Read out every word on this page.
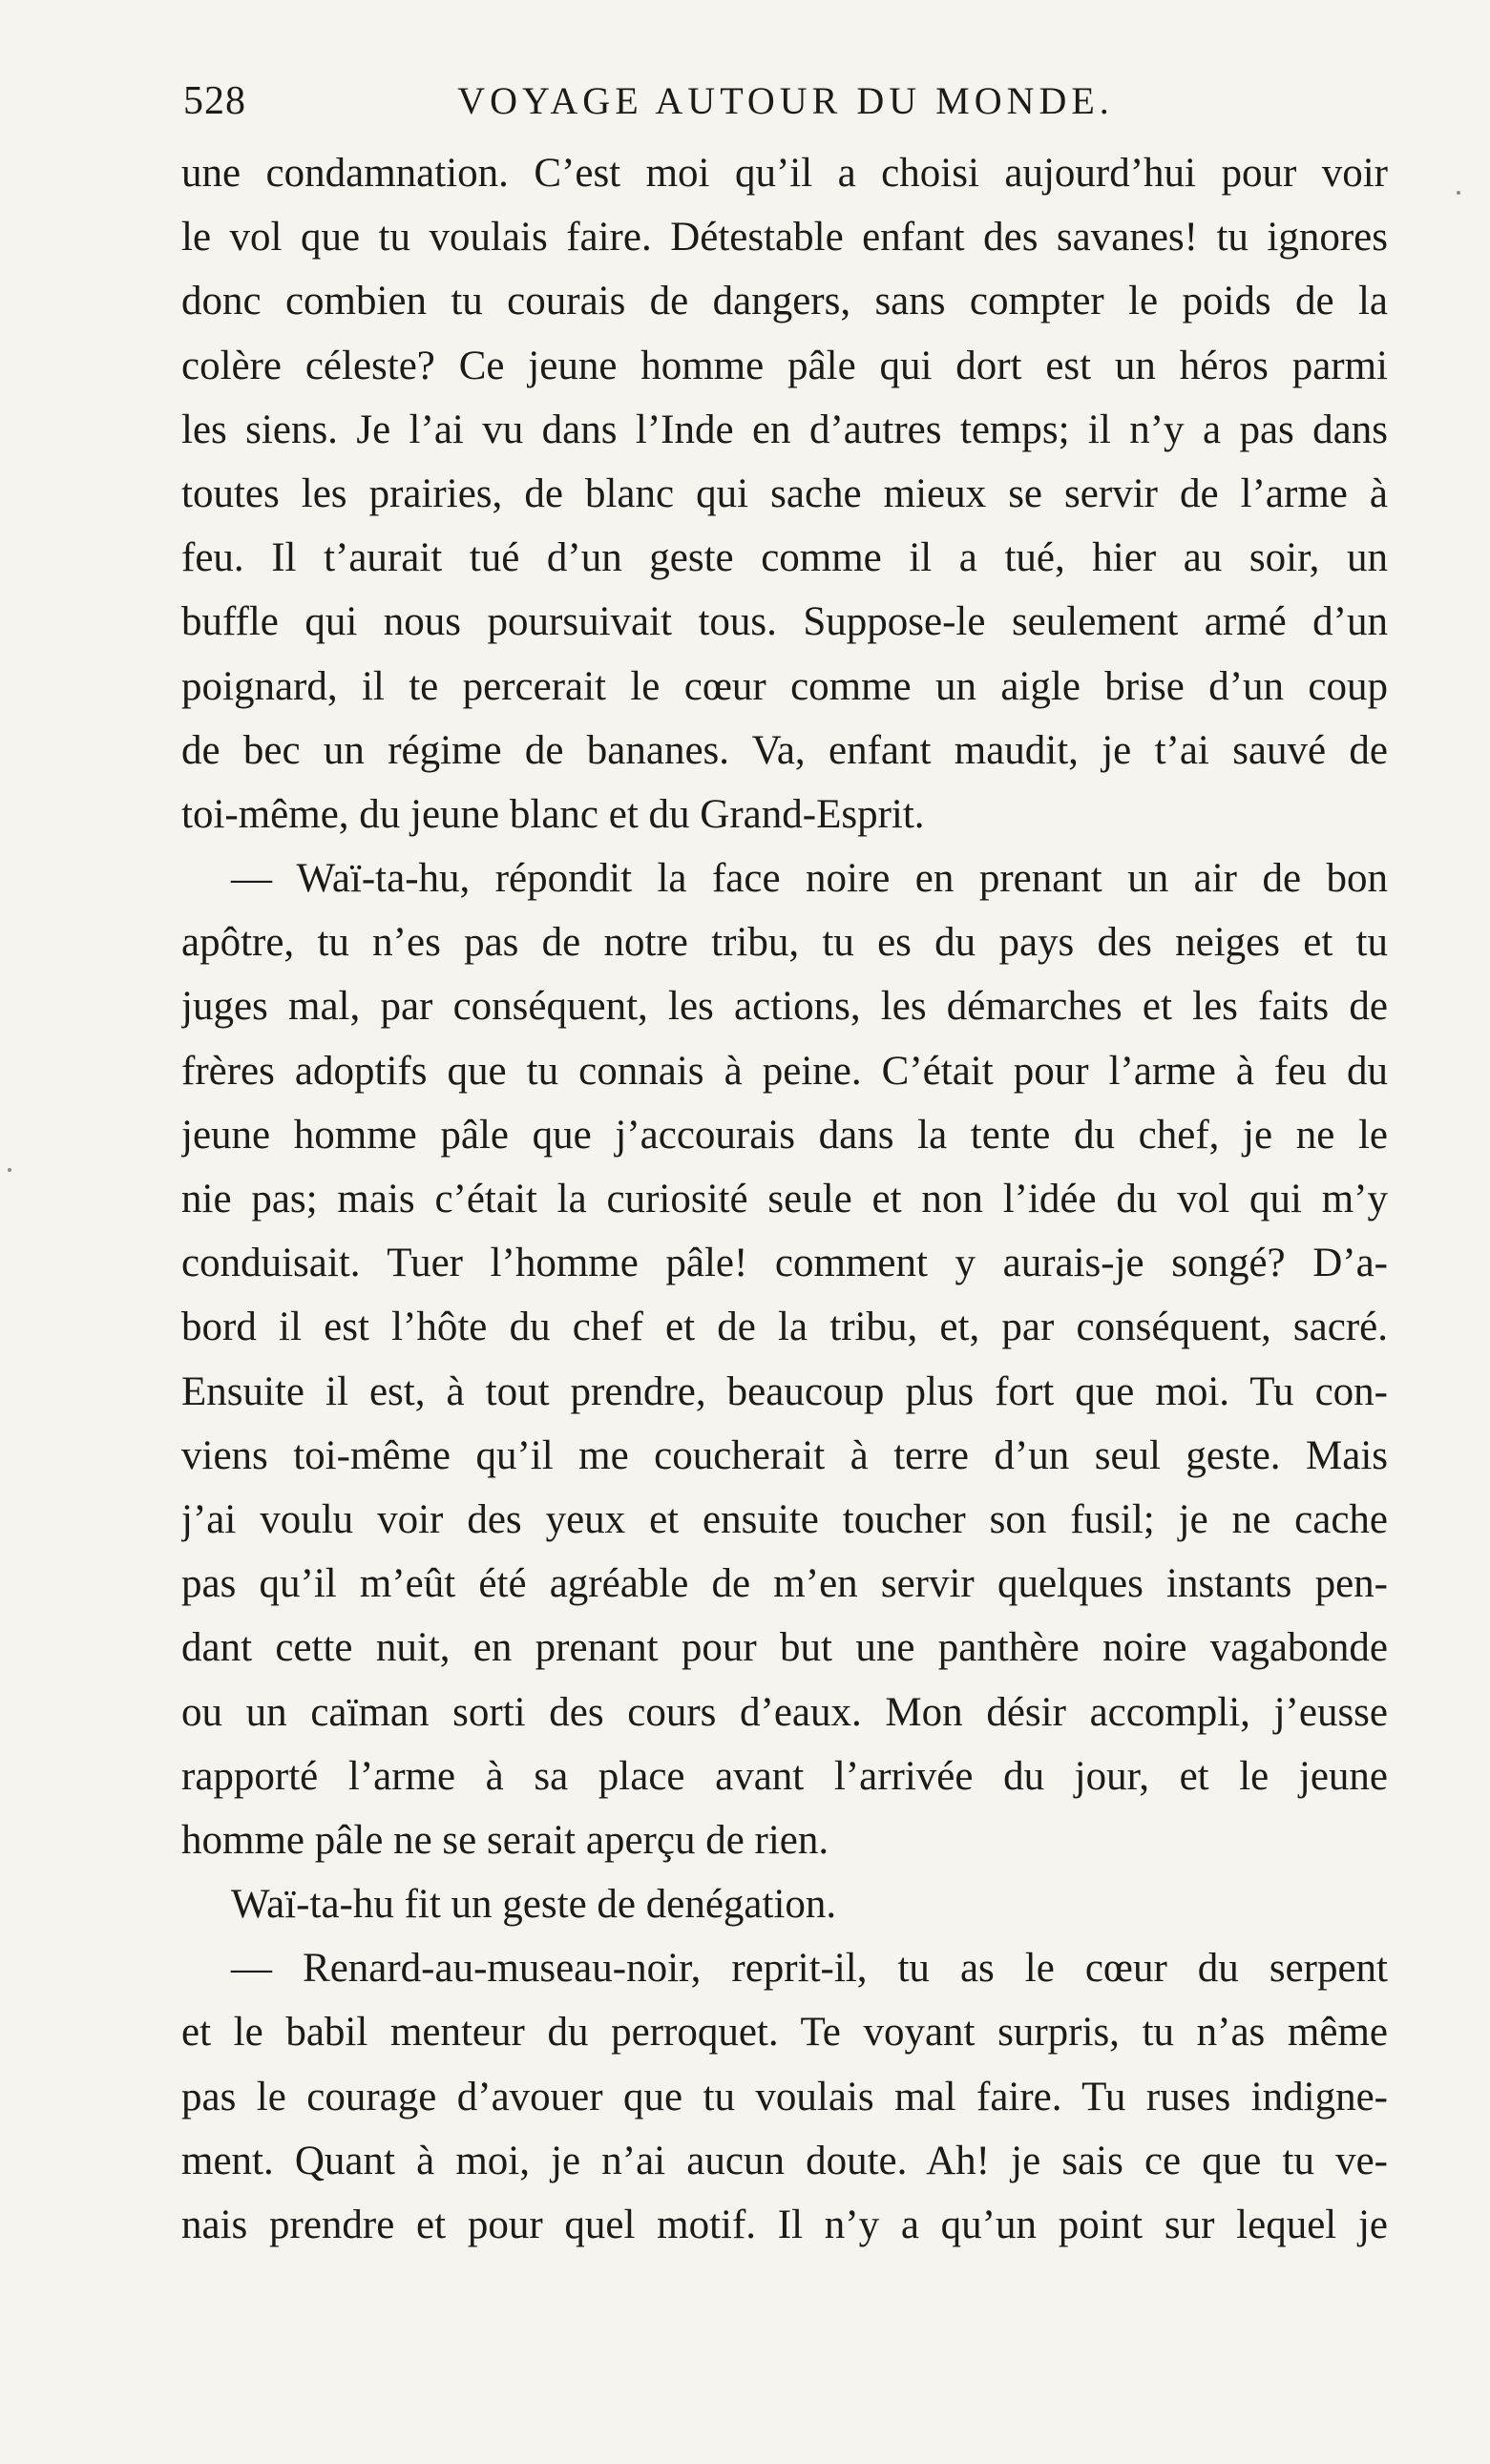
528	VOYAGE AUTOUR DU MONDE.
une condamnation. C’est moi qu’il a choisi aujourd’hui pour voir
le vol que tu voulais faire. Détestable enfant des savanes! tu ignores
donc combien tu courais de dangers, sans compter le poids de la
colère céleste? Ce jeune homme pâle qui dort est un héros parmi
les siens. Je l’ai vu dans l’Inde en d’autres temps; il n’y a pas dans
toutes les prairies, de blanc qui sache mieux se servir de l’arme à
feu. Il t’aurait tué d’un geste comme il a tué, hier au soir, un
buffle qui nous poursuivait tous. Suppose-le seulement armé d’un
poignard, il te percerait le cœur comme un aigle brise d’un coup
de bec un régime de bananes. Va, enfant maudit, je t’ai sauvé de
toi-même, du jeune blanc et du Grand-Esprit.
— Waï-ta-hu, répondit la face noire en prenant un air de bon
apôtre, tu n’es pas de notre tribu, tu es du pays des neiges et tu
juges mal, par conséquent, les actions, les démarches et les faits de
frères adoptifs que tu connais à peine. C’était pour l’arme à feu du
jeune homme pâle que j’accourais dans la tente du chef, je ne le
nie pas; mais c’était la curiosité seule et non l’idée du vol qui m’y
conduisait. Tuer l’homme pâle! comment y aurais-je songé? D’a-
bord il est l’hôte du chef et de la tribu, et, par conséquent, sacré.
Ensuite il est, à tout prendre, beaucoup plus fort que moi. Tu con-
viens toi-même qu’il me coucherait à terre d’un seul geste. Mais
j’ai voulu voir des yeux et ensuite toucher son fusil; je ne cache
pas qu’il m’eût été agréable de m’en servir quelques instants pen-
dant cette nuit, en prenant pour but une panthère noire vagabonde
ou un caïman sorti des cours d’eaux. Mon désir accompli, j’eusse
rapporté l’arme à sa place avant l’arrivée du jour, et le jeune
homme pâle ne se serait aperçu de rien.
Waï-ta-hu fit un geste de denégation.
— Renard-au-museau-noir, reprit-il, tu as le cœur du serpent
et le babil menteur du perroquet. Te voyant surpris, tu n’as même
pas le courage d’avouer que tu voulais mal faire. Tu ruses indigne-
ment. Quant à moi, je n’ai aucun doute. Ah! je sais ce que tu ve-
nais prendre et pour quel motif. Il n’y a qu’un point sur lequel je
